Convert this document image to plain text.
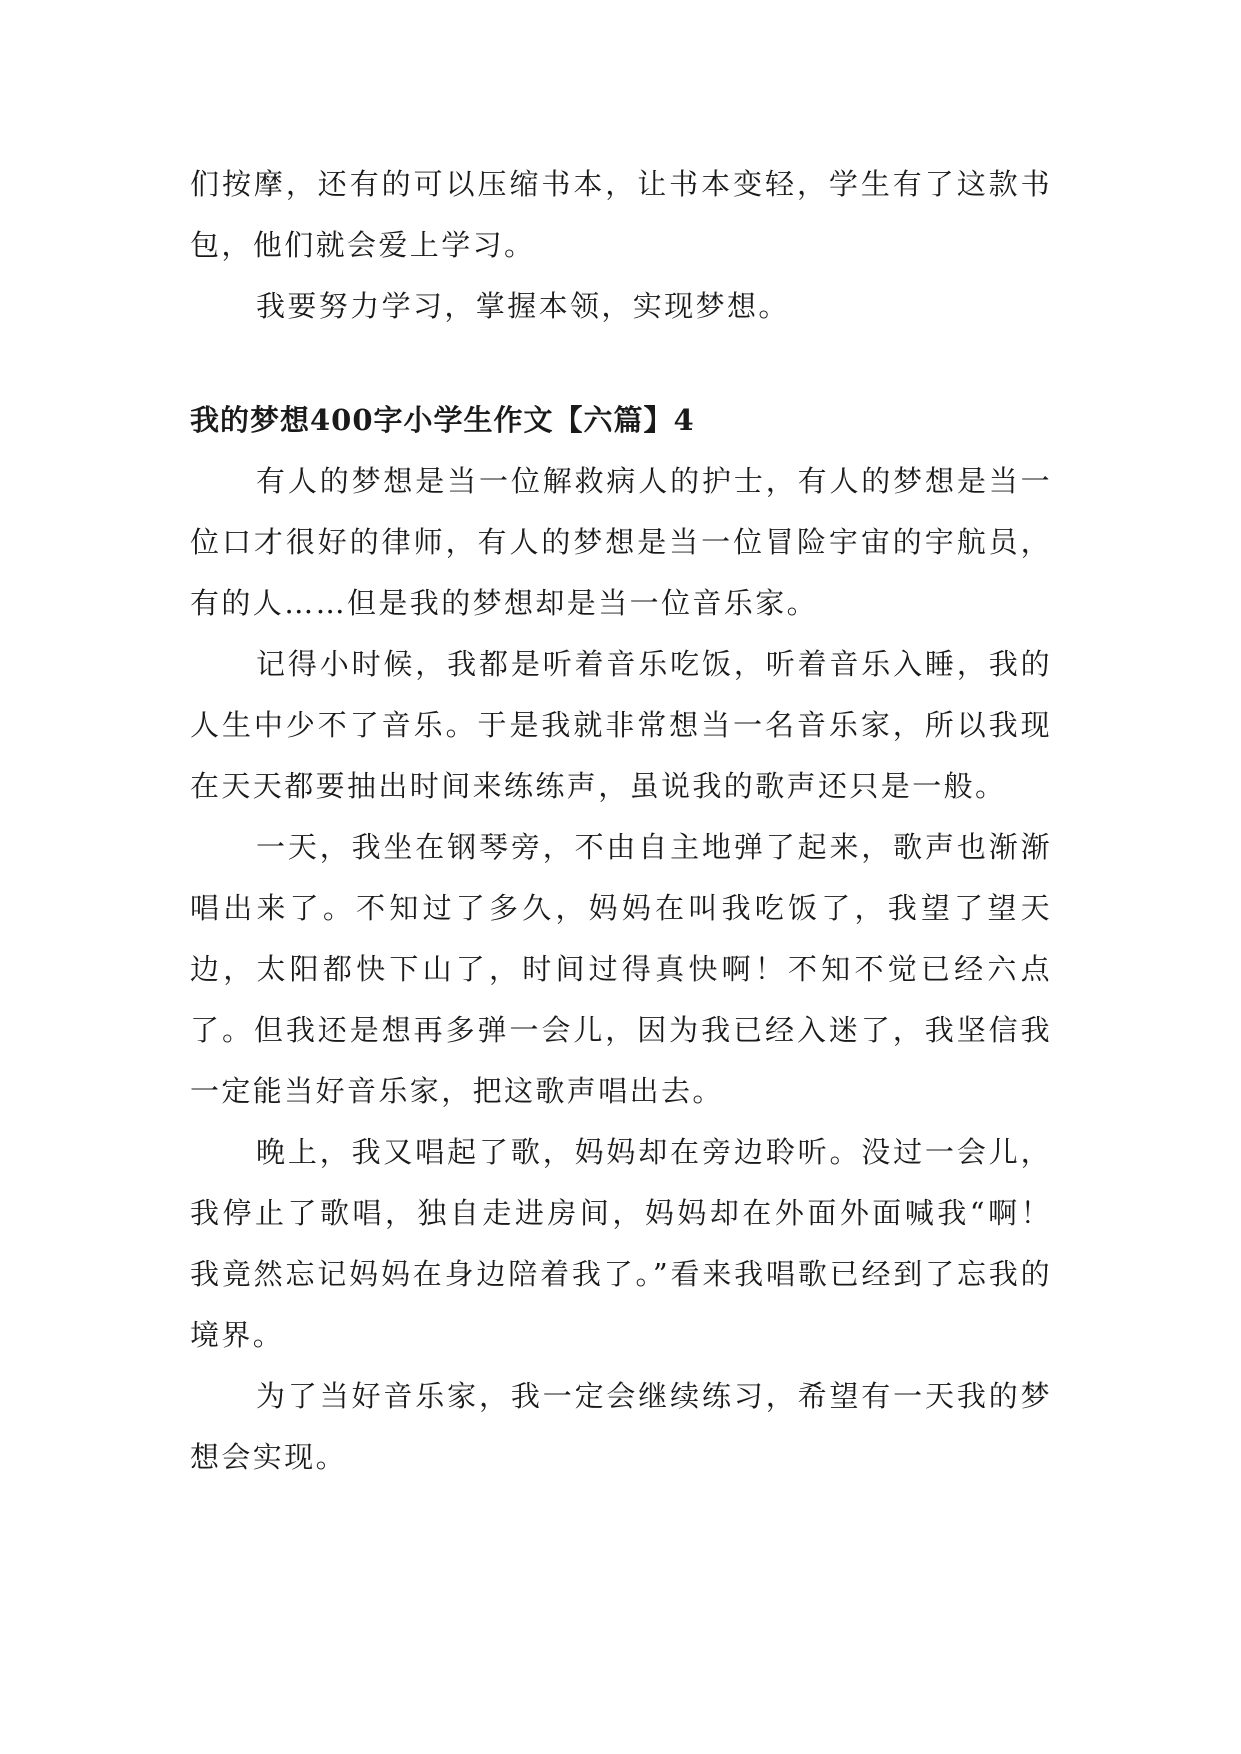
们按摩，还有的可以压缩书本，让书本变轻，学生有了这款书包，他们就会爱上学习。

我要努力学习，掌握本领，实现梦想。

我的梦想400字小学生作文【六篇】4

有人的梦想是当一位解救病人的护士，有人的梦想是当一位口才很好的律师，有人的梦想是当一位冒险宇宙的宇航员，有的人……但是我的梦想却是当一位音乐家。

记得小时候，我都是听着音乐吃饭，听着音乐入睡，我的人生中少不了音乐。于是我就非常想当一名音乐家，所以我现在天天都要抽出时间来练练声，虽说我的歌声还只是一般。

一天，我坐在钢琴旁，不由自主地弹了起来，歌声也渐渐唱出来了。不知过了多久，妈妈在叫我吃饭了，我望了望天边，太阳都快下山了，时间过得真快啊！不知不觉已经六点了。但我还是想再多弹一会儿，因为我已经入迷了，我坚信我一定能当好音乐家，把这歌声唱出去。

晚上，我又唱起了歌，妈妈却在旁边聆听。没过一会儿，我停止了歌唱，独自走进房间，妈妈却在外面外面喊我“啊！我竟然忘记妈妈在身边陪着我了。”看来我唱歌已经到了忘我的境界。

为了当好音乐家，我一定会继续练习，希望有一天我的梦想会实现。
